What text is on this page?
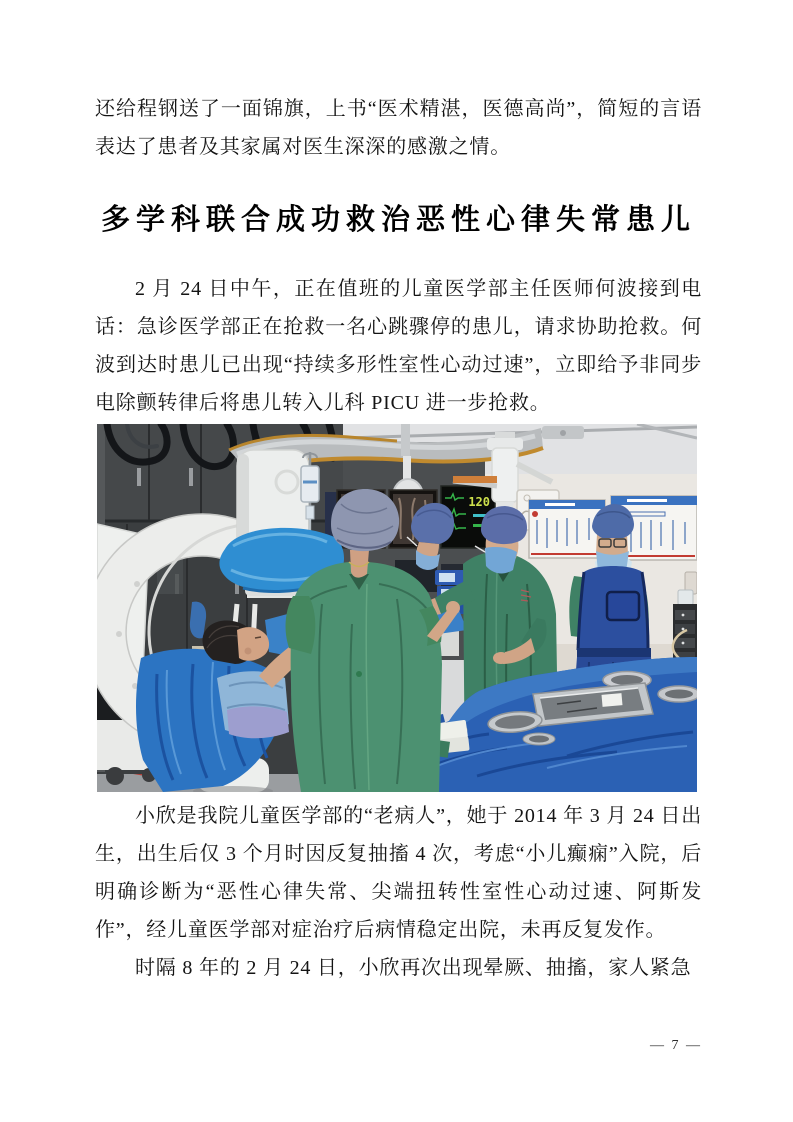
还给程钢送了一面锦旗，上书“医术精湛，医德高尚”，简短的言语表达了患者及其家属对医生深深的感激之情。

多学科联合成功救治恶性心律失常患儿

2 月 24 日中午，正在值班的儿童医学部主任医师何波接到电话：急诊医学部正在抢救一名心跳骤停的患儿，请求协助抢救。何波到达时患儿已出现“持续多形性室性心动过速”，立即给予非同步电除颤转律后将患儿转入儿科 PICU 进一步抢救。

120

小欣是我院儿童医学部的“老病人”，她于 2014 年 3 月 24 日出生，出生后仅 3 个月时因反复抽搐 4 次，考虑“小儿癫痫”入院，后明确诊断为“恶性心律失常、尖端扭转性室性心动过速、阿斯发作”，经儿童医学部对症治疗后病情稳定出院，未再反复发作。

时隔 8 年的 2 月 24 日，小欣再次出现晕厥、抽搐，家人紧急

— 7 —
